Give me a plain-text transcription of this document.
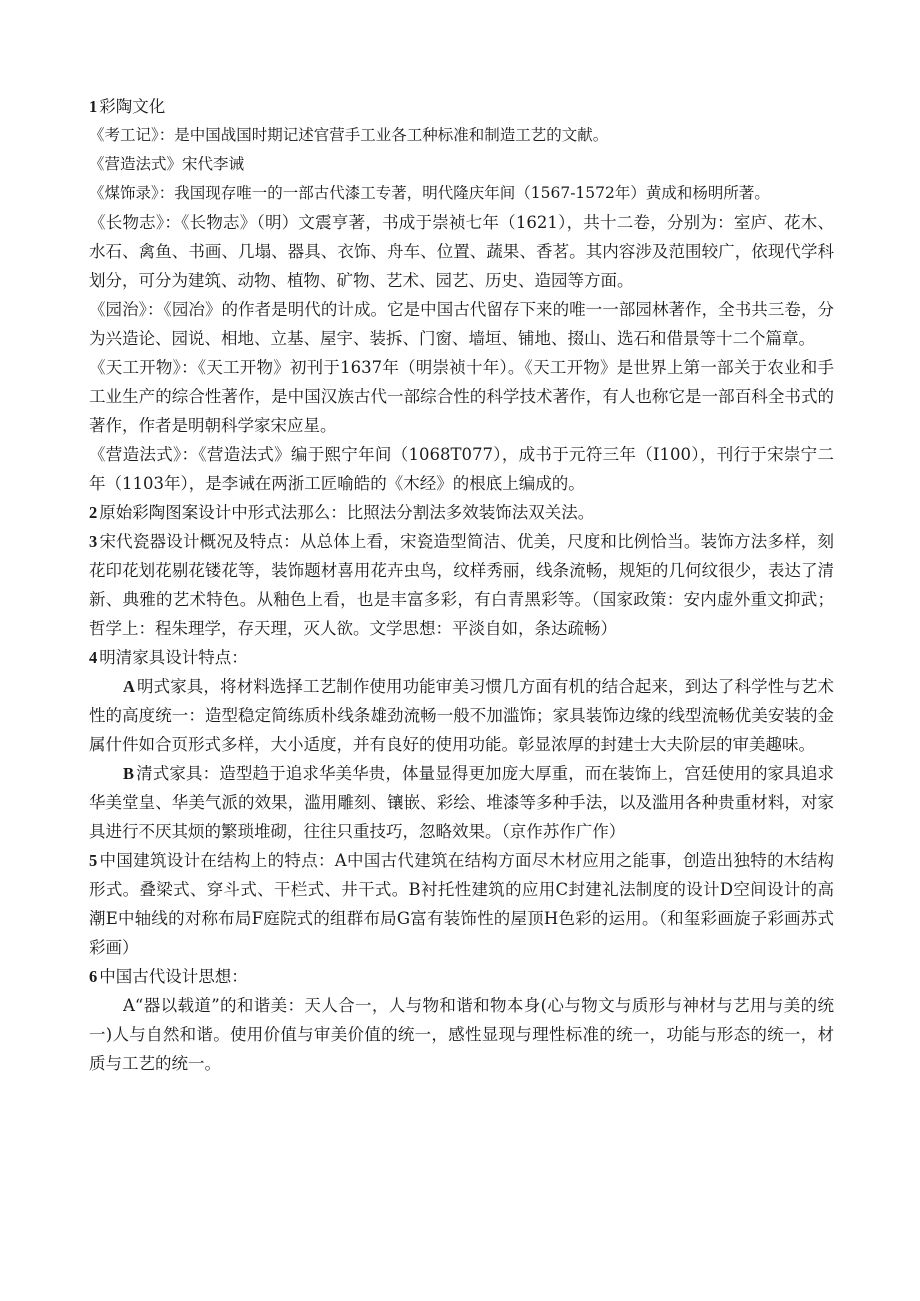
1 彩陶文化

《考工记》：是中国战国时期记述官营手工业各工种标准和制造工艺的文献。

《营造法式》宋代李诫

《煤饰录》：我国现存唯一的一部古代漆工专著，明代隆庆年间（1567-1572年）黄成和杨明所著。

《长物志》：《长物志》（明）文震亨著，书成于崇祯七年（1621），共十二卷，分别为：室庐、花木、水石、禽鱼、书画、几塌、器具、衣饰、舟车、位置、蔬果、香茗。其内容涉及范围较广，依现代学科划分，可分为建筑、动物、植物、矿物、艺术、园艺、历史、造园等方面。

《园治》：《园冶》的作者是明代的计成。它是中国古代留存下来的唯一一部园林著作，全书共三卷，分为兴造论、园说、相地、立基、屋宇、装拆、门窗、墙垣、铺地、掇山、选石和借景等十二个篇章。

《天工开物》：《天工开物》初刊于1637年（明崇祯十年）。《天工开物》是世界上第一部关于农业和手工业生产的综合性著作，是中国汉族古代一部综合性的科学技术著作，有人也称它是一部百科全书式的著作，作者是明朝科学家宋应星。

《营造法式》：《营造法式》编于熙宁年间（1068T077），成书于元符三年（I100），刊行于宋崇宁二年（1103年），是李诫在两浙工匠喻皓的《木经》的根底上编成的。

2 原始彩陶图案设计中形式法那么：比照法分割法多效装饰法双关法。

3 宋代瓷器设计概况及特点：从总体上看，宋瓷造型简洁、优美，尺度和比例恰当。装饰方法多样，刻花印花划花剔花镂花等，装饰题材喜用花卉虫鸟，纹样秀丽，线条流畅，规矩的几何纹很少，表达了清新、典雅的艺术特色。从釉色上看，也是丰富多彩，有白青黑彩等。（国家政策：安内虚外重文抑武；哲学上：程朱理学，存天理，灭人欲。文学思想：平淡自如，条达疏畅）

4 明清家具设计特点：

A 明式家具，将材料选择工艺制作使用功能审美习惯几方面有机的结合起来，到达了科学性与艺术性的高度统一：造型稳定简练质朴线条雄劲流畅一般不加滥饰；家具装饰边缘的线型流畅优美安装的金属什件如合页形式多样，大小适度，并有良好的使用功能。彰显浓厚的封建士大夫阶层的审美趣味。

B 清式家具：造型趋于追求华美华贵，体量显得更加庞大厚重，而在装饰上，宫廷使用的家具追求华美堂皇、华美气派的效果，滥用雕刻、镶嵌、彩绘、堆漆等多种手法，以及滥用各种贵重材料，对家具进行不厌其烦的繁琐堆砌，往往只重技巧，忽略效果。（京作苏作广作）

5 中国建筑设计在结构上的特点：A中国古代建筑在结构方面尽木材应用之能事，创造出独特的木结构形式。叠梁式、穿斗式、干栏式、井干式。B衬托性建筑的应用C封建礼法制度的设计D空间设计的高潮E中轴线的对称布局F庭院式的组群布局G富有装饰性的屋顶H色彩的运用。（和玺彩画旋子彩画苏式彩画）

6 中国古代设计思想：

A“器以载道”的和谐美：天人合一，人与物和谐和物本身(心与物文与质形与神材与艺用与美的统一)人与自然和谐。使用价值与审美价值的统一，感性显现与理性标准的统一，功能与形态的统一，材质与工艺的统一。
